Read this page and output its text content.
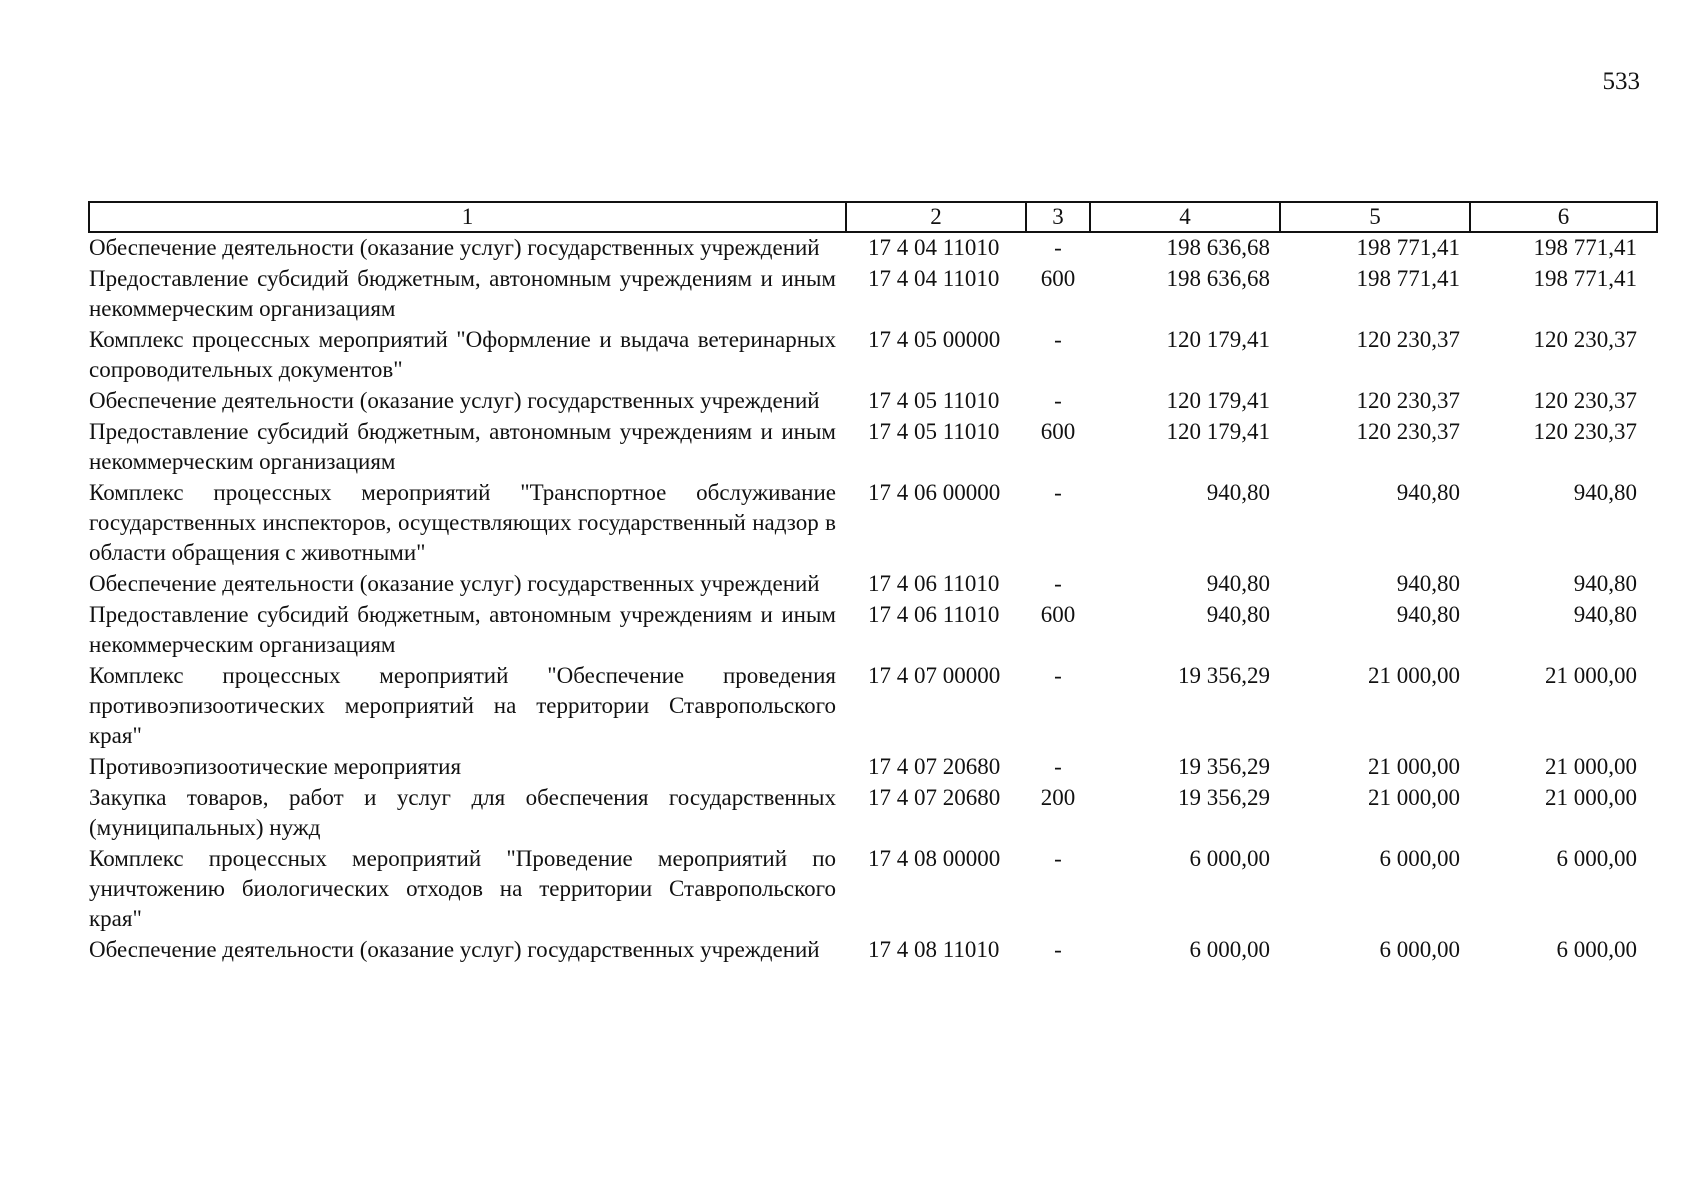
533
1	2	3	4	5	6
Обеспечение деятельности (оказание услуг) государственных учреждений	17 4 04 11010	-	198 636,68	198 771,41	198 771,41
Предоставление субсидий бюджетным, автономным учреждениям и иным некоммерческим организациям	17 4 04 11010	600	198 636,68	198 771,41	198 771,41
Комплекс процессных мероприятий "Оформление и выдача ветеринарных сопроводительных документов"	17 4 05 00000	-	120 179,41	120 230,37	120 230,37
Обеспечение деятельности (оказание услуг) государственных учреждений	17 4 05 11010	-	120 179,41	120 230,37	120 230,37
Предоставление субсидий бюджетным, автономным учреждениям и иным некоммерческим организациям	17 4 05 11010	600	120 179,41	120 230,37	120 230,37
Комплекс процессных мероприятий "Транспортное обслуживание государственных инспекторов, осуществляющих государственный надзор в области обращения с животными"	17 4 06 00000	-	940,80	940,80	940,80
Обеспечение деятельности (оказание услуг) государственных учреждений	17 4 06 11010	-	940,80	940,80	940,80
Предоставление субсидий бюджетным, автономным учреждениям и иным некоммерческим организациям	17 4 06 11010	600	940,80	940,80	940,80
Комплекс процессных мероприятий "Обеспечение проведения противоэпизоотических мероприятий на территории Ставропольского края"	17 4 07 00000	-	19 356,29	21 000,00	21 000,00
Противоэпизоотические мероприятия	17 4 07 20680	-	19 356,29	21 000,00	21 000,00
Закупка товаров, работ и услуг для обеспечения государственных (муниципальных) нужд	17 4 07 20680	200	19 356,29	21 000,00	21 000,00
Комплекс процессных мероприятий "Проведение мероприятий по уничтожению биологических отходов на территории Ставропольского края"	17 4 08 00000	-	6 000,00	6 000,00	6 000,00
Обеспечение деятельности (оказание услуг) государственных учреждений	17 4 08 11010	-	6 000,00	6 000,00	6 000,00
